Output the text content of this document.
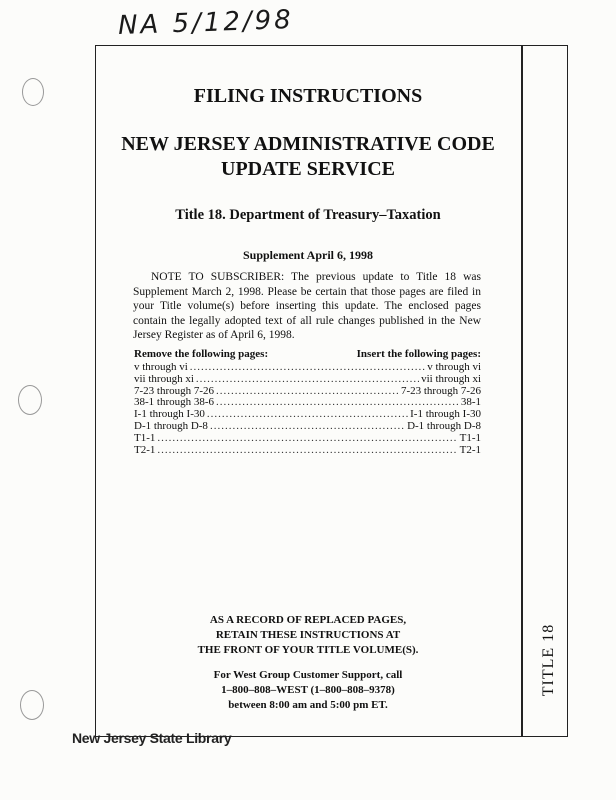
NA 5/12/98
TITLE 18
FILING INSTRUCTIONS
NEW JERSEY ADMINISTRATIVE CODE
UPDATE SERVICE
Title 18. Department of Treasury–Taxation
Supplement April 6, 1998
NOTE TO SUBSCRIBER: The previous update to Title 18 was Supplement March 2, 1998. Please be certain that those pages are filed in your Title volume(s) before inserting this update. The enclosed pages contain the legally adopted text of all rule changes published in the New Jersey Register as of April 6, 1998.
Remove the following pages:	Insert the following pages:
v through vi .....	v through vi
vii through xi .....	vii through xi
7-23 through 7-26 .....	7-23 through 7-26
38-1 through 38-6 .....	38-1
I-1 through I-30 .....	I-1 through I-30
D-1 through D-8 .....	D-1 through D-8
T1-1 .....	T1-1
T2-1 .....	T2-1
AS A RECORD OF REPLACED PAGES,
RETAIN THESE INSTRUCTIONS AT
THE FRONT OF YOUR TITLE VOLUME(S).
For West Group Customer Support, call
1–800–808–WEST (1–800–808–9378)
between 8:00 am and 5:00 pm ET.
New Jersey State Library
